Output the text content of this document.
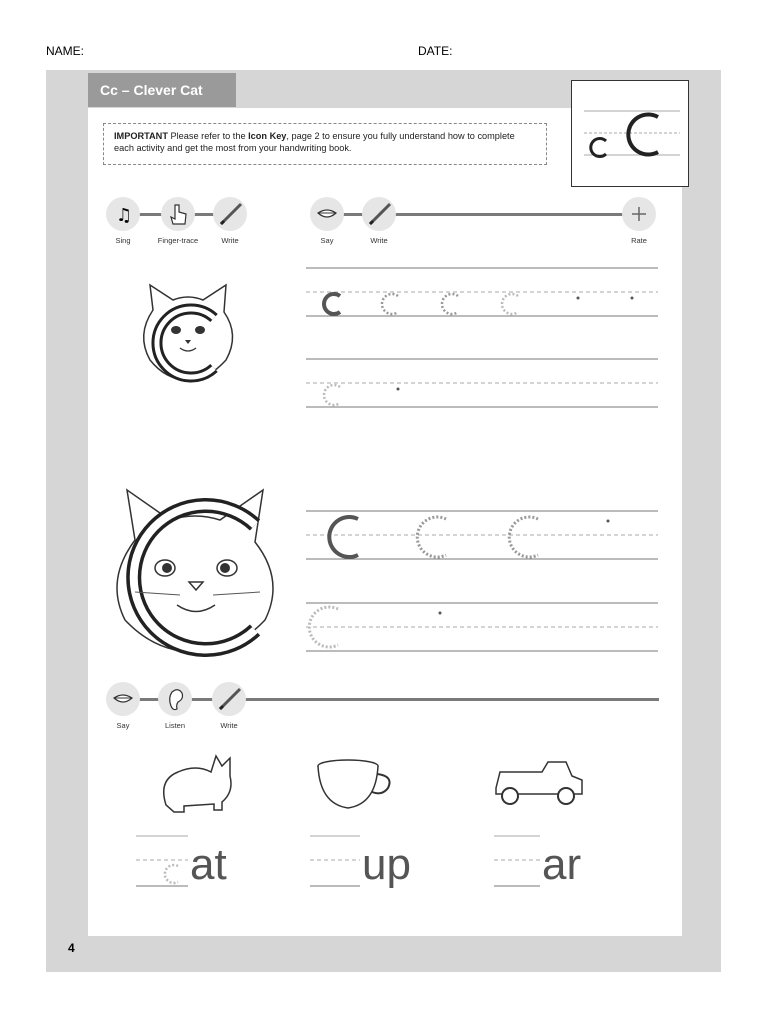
NAME:	DATE:
Cc – Clever Cat
IMPORTANT Please refer to the Icon Key, page 2 to ensure you fully understand how to complete each activity and get the most from your handwriting book.
♫
Sing	Finger-trace	Write	Say	Write	Rate
Say	Listen	Write
at	up	ar
4
